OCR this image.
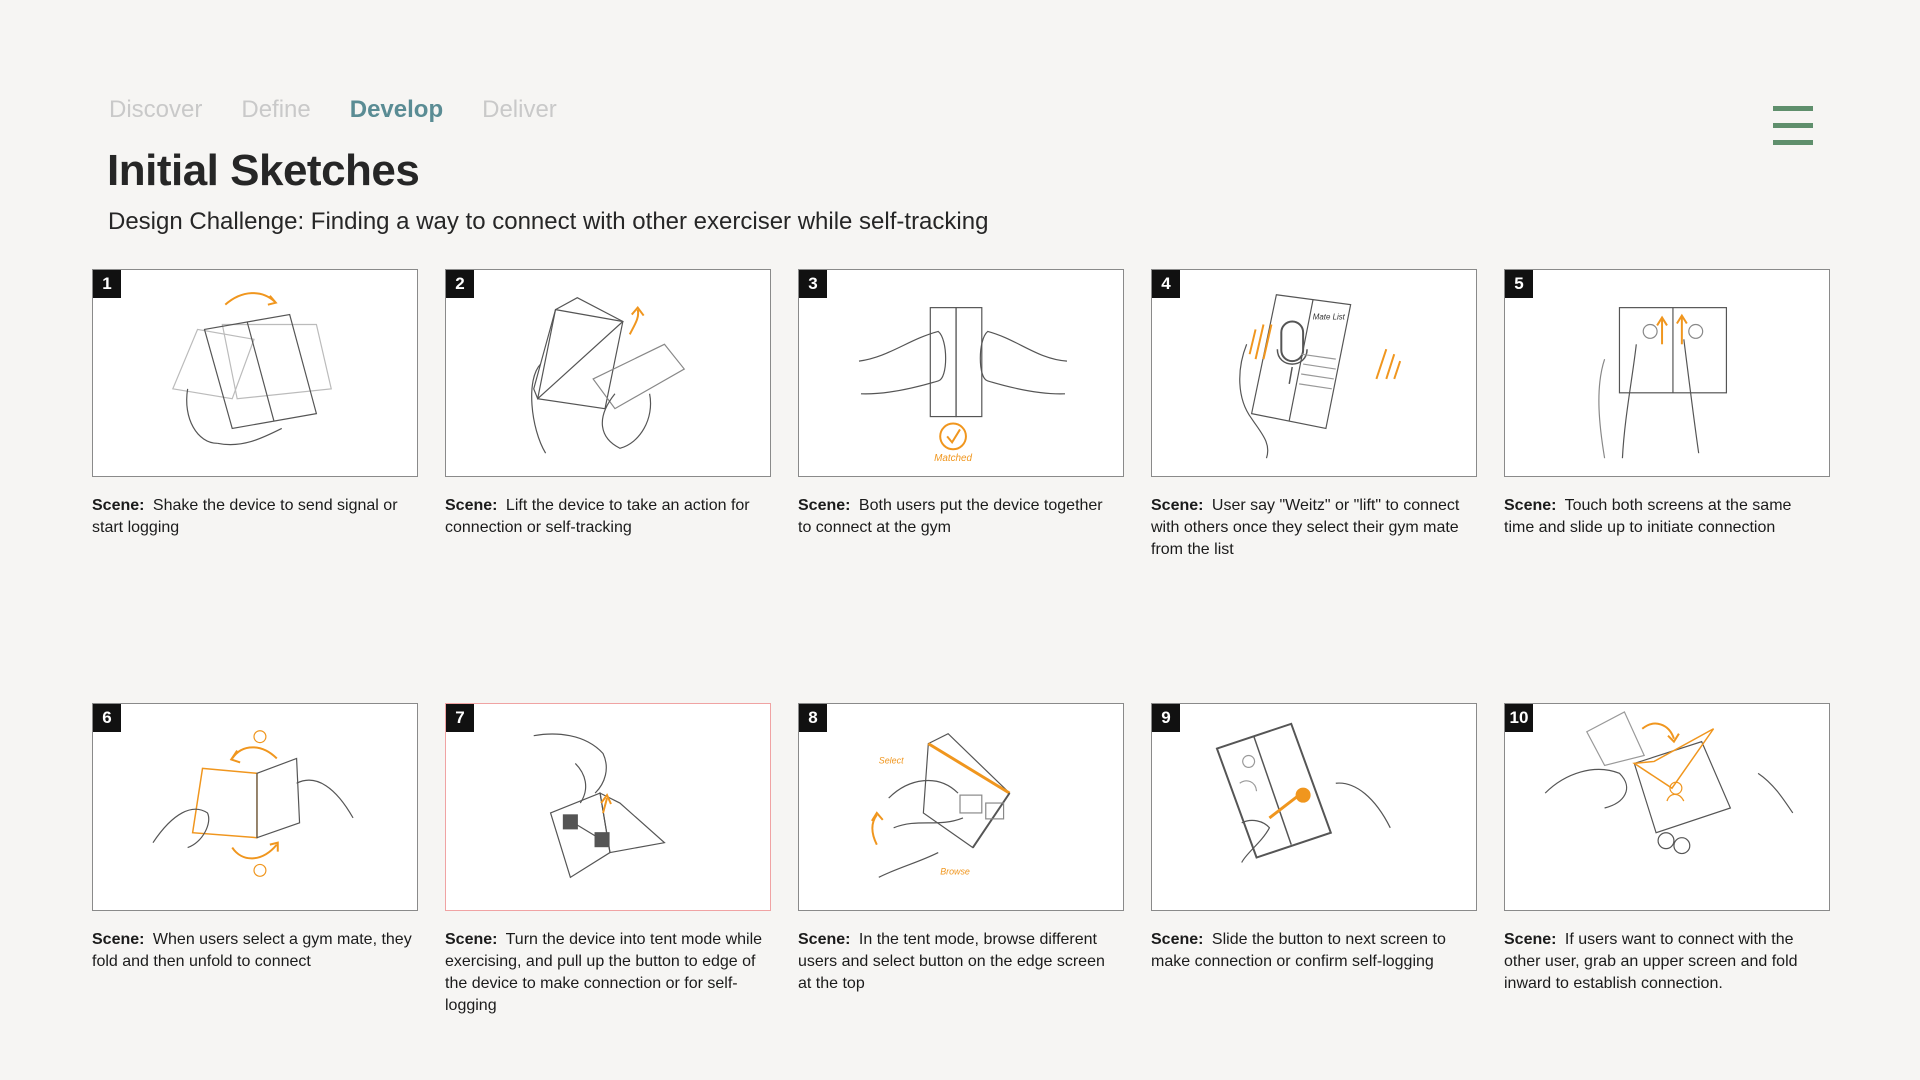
Discover Define Develop Deliver
Initial Sketches
Design Challenge: Finding a way to connect with other exerciser while self-tracking
1
Scene: Shake the device to send signal or start logging
2
Scene: Lift the device to take an action for connection or self-tracking
Matched
3
Scene: Both users put the device together to connect at the gym
Mate List
4
Scene: User say "Weitz" or "lift" to connect with others once they select their gym mate from the list
5
Scene: Touch both screens at the same time and slide up to initiate connection
6
Scene: When users select a gym mate, they fold and then unfold to connect
7
Scene: Turn the device into tent mode while exercising, and pull up the button to edge of the device to make connection or for self-logging
Select
Browse
8
Scene: In the tent mode, browse different users and select button on the edge screen at the top
9
Scene: Slide the button to next screen to make connection or confirm self-logging
10
Scene: If users want to connect with the other user, grab an upper screen and fold inward to establish connection.
